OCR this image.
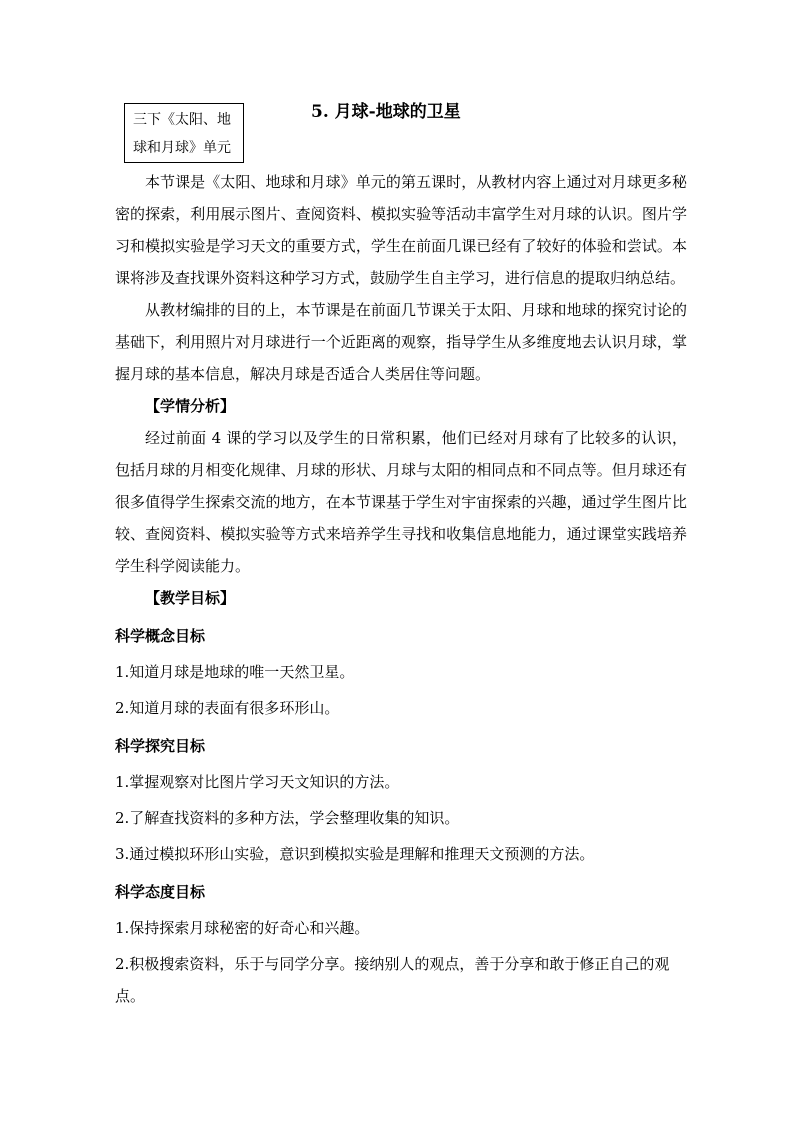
三下《太阳、地
球和月球》单元
5. 月球-地球的卫星

本节课是《太阳、地球和月球》单元的第五课时，从教材内容上通过对月球更多秘密的探索，利用展示图片、查阅资料、模拟实验等活动丰富学生对月球的认识。图片学习和模拟实验是学习天文的重要方式，学生在前面几课已经有了较好的体验和尝试。本课将涉及查找课外资料这种学习方式，鼓励学生自主学习，进行信息的提取归纳总结。

从教材编排的目的上，本节课是在前面几节课关于太阳、月球和地球的探究讨论的基础下，利用照片对月球进行一个近距离的观察，指导学生从多维度地去认识月球，掌握月球的基本信息，解决月球是否适合人类居住等问题。

【学情分析】

经过前面 4 课的学习以及学生的日常积累，他们已经对月球有了比较多的认识，包括月球的月相变化规律、月球的形状、月球与太阳的相同点和不同点等。但月球还有很多值得学生探索交流的地方，在本节课基于学生对宇宙探索的兴趣，通过学生图片比较、查阅资料、模拟实验等方式来培养学生寻找和收集信息地能力，通过课堂实践培养学生科学阅读能力。

【教学目标】

科学概念目标

1.知道月球是地球的唯一天然卫星。

2.知道月球的表面有很多环形山。

科学探究目标

1.掌握观察对比图片学习天文知识的方法。

2.了解查找资料的多种方法，学会整理收集的知识。

3.通过模拟环形山实验，意识到模拟实验是理解和推理天文预测的方法。

科学态度目标

1.保持探索月球秘密的好奇心和兴趣。

2.积极搜索资料，乐于与同学分享。接纳别人的观点，善于分享和敢于修正自己的观点。
